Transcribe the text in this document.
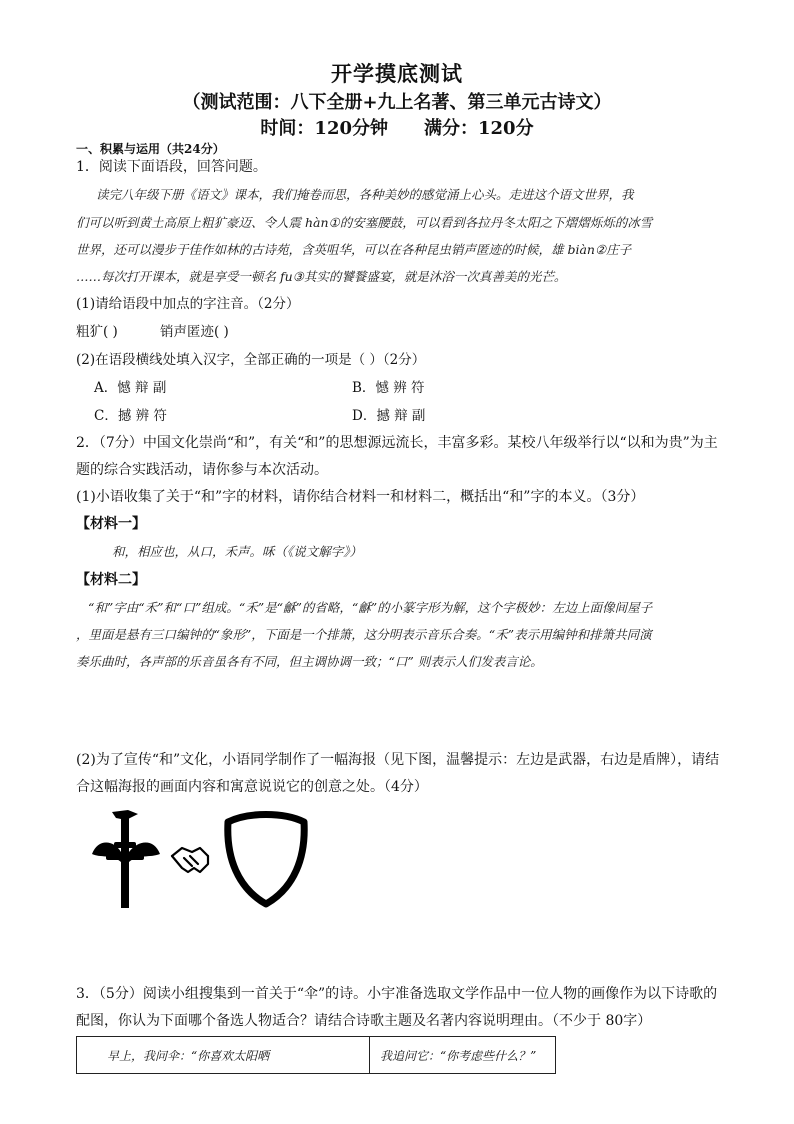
开学摸底测试
（测试范围：八下全册+九上名著、第三单元古诗文）
时间：120分钟 满分：120分
一、积累与运用（共24分）
1．阅读下面语段，回答问题。
读完八年级下册《语文》课本，我们掩卷而思，各种美妙的感觉涌上心头。走进这个语文世界，我
们可以听到黄土高原上粗犷豪迈、令人震 hàn①的安塞腰鼓，可以看到各拉丹冬太阳之下熠熠烁烁的冰雪
世界，还可以漫步于佳作如林的古诗苑，含英咀华，可以在各种昆虫销声匿迹的时候，雄 biàn②庄子
……每次打开课本，就是享受一顿名 fu③其实的饕餮盛宴，就是沐浴一次真善美的光芒。
(1)请给语段中加点的字注音。（2分）
粗犷( )	销声匿迹( )
(2)在语段横线处填入汉字，全部正确的一项是（ ）（2分）
A．憾 辩 副	B．憾 辨 符
C．撼 辨 符	D．撼 辩 副
2．（7分）中国文化崇尚“和”，有关“和”的思想源远流长，丰富多彩。某校八年级举行以“以和为贵”为主
题的综合实践活动，请你参与本次活动。
(1)小语收集了关于“和”字的材料，请你结合材料一和材料二，概括出“和”字的本义。（3分）
【材料一】
和，相应也，从口，禾声。咊（《说文解字》）
【材料二】
“和”字由“禾”和“口”组成。“禾”是“龢”的省略，“龢”的小篆字形为解，这个字极妙：左边上面像间屋子
，里面是悬有三口编钟的“象形”，下面是一个排箫，这分明表示音乐合奏。“禾”表示用编钟和排箫共同演
奏乐曲时，各声部的乐音虽各有不同，但主调协调一致；“口” 则表示人们发表言论。
(2)为了宣传“和”文化，小语同学制作了一幅海报（见下图，温馨提示：左边是武器，右边是盾牌），请结
合这幅海报的画面内容和寓意说说它的创意之处。（4分）
3．（5分）阅读小组搜集到一首关于“伞”的诗。小宇准备选取文学作品中一位人物的画像作为以下诗歌的
配图，你认为下面哪个备选人物适合？请结合诗歌主题及名著内容说明理由。（不少于 80字）
早上，我问伞：“你喜欢太阳晒	我追问它：“你考虑些什么？”
